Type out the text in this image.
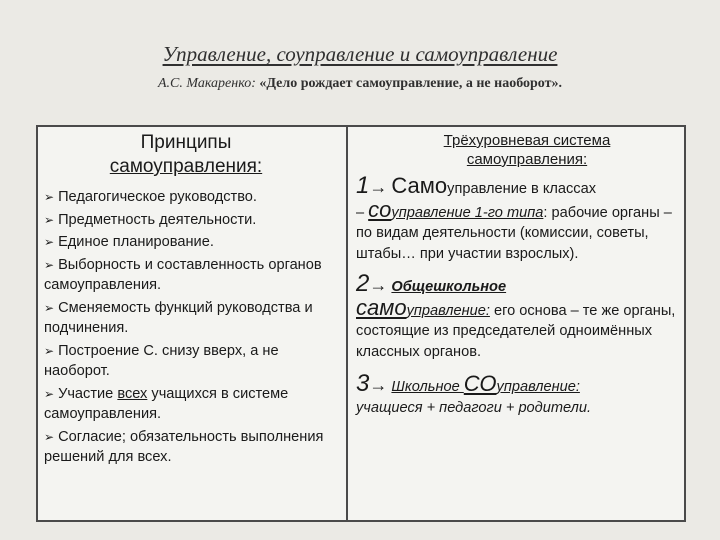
Управление, соуправление и самоуправление
А.С. Макаренко: «Дело рождает самоуправление, а не наоборот».
Принципы
самоуправления:
➢ Педагогическое руководство.
➢ Предметность деятельности.
➢ Единое планирование.
➢ Выборность и составленность органов самоуправления.
➢ Сменяемость функций руководства и подчинения.
➢ Построение С. снизу вверх, а не наоборот.
➢ Участие всех учащихся в системе самоуправления.
➢ Согласие; обязательность выполнения решений для всех.
Трёхуровневая система
самоуправления:
1→ Самоуправление в классах
– соуправление 1-го типа: рабочие органы – по видам деятельности (комиссии, советы, штабы… при участии взрослых).
2→ Общешкольное
самоуправление: его основа – те же органы, состоящие из председателей одноимённых классных органов.
3→ Школьное СОуправление:
учащиеся + педагоги + родители.
